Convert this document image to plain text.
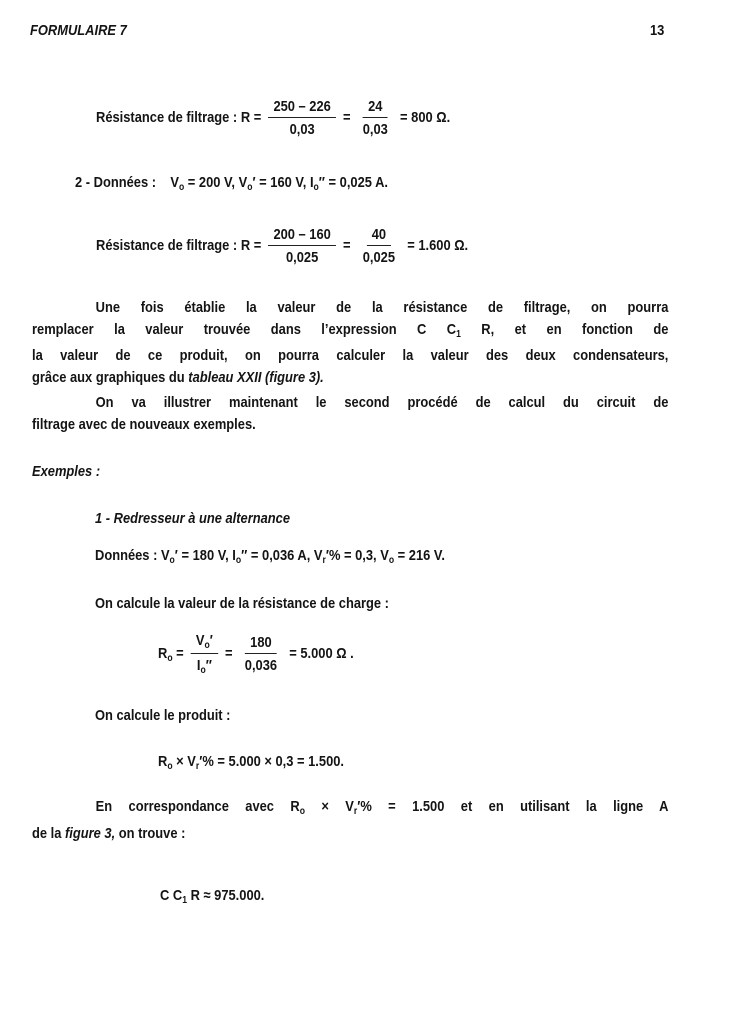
FORMULAIRE 7	13
Résistance de filtrage : $R = \frac{250 - 226}{0,03} = \frac{24}{0,03} = 800$ Ω.
2 - Données : $V_o = 200$ V, $V_o' = 160$ V, $I_o'' = 0,025$ A.
Résistance de filtrage : $R = \frac{200 - 160}{0,025} = \frac{40}{0,025} = 1.600$ Ω.
Une fois établie la valeur de la résistance de filtrage, on pourra
remplacer la valeur trouvée dans l’expression C $C_1$ R, et en fonction de
la valeur de ce produit, on pourra calculer la valeur des deux condensateurs,
grâce aux graphiques du tableau XXII (figure 3).
On va illustrer maintenant le second procédé de calcul du circuit de
filtrage avec de nouveaux exemples.
Exemples :
1 - Redresseur à une alternance
Données : $V_o' = 180$ V, $I_o'' = 0,036$ A, $V_r'\% = 0,3$, $V_o = 216$ V.
On calcule la valeur de la résistance de charge :
$R_o = \frac{V_o'}{I_o''} = \frac{180}{0,036} = 5.000$ Ω .
On calcule le produit :
$R_o \times V_r'\% = 5.000 \times 0,3 = 1.500$.
En correspondance avec $R_o \times V_r'\% = 1.500$ et en utilisant la ligne A
de la figure 3, on trouve :
C $C_1$ R ≈ 975.000.
